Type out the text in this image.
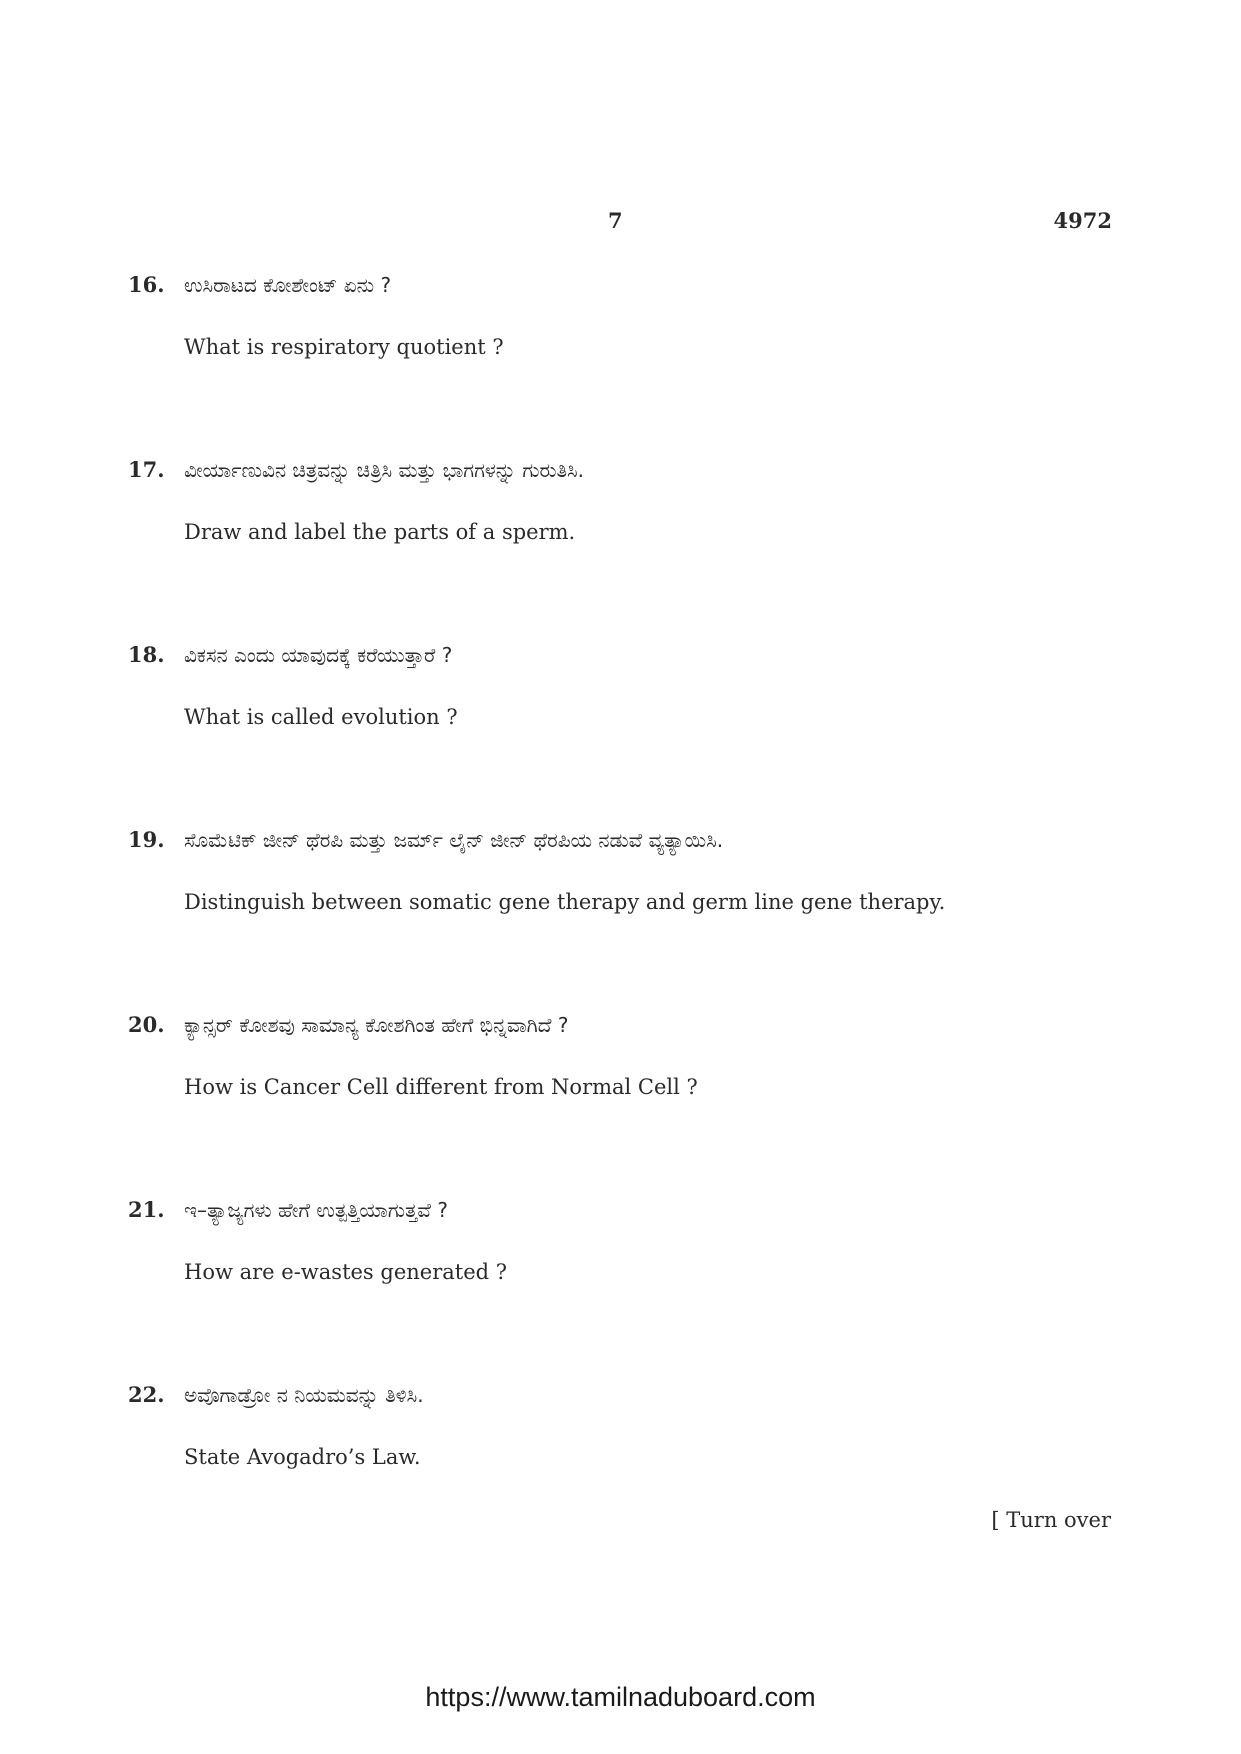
7	4972
16. ಉಸಿರಾಟದ ಕೋಶೇಂಟ್ ಏನು ?
What is respiratory quotient ?
17. ವೀರ್ಯಾಣುವಿನ ಚಿತ್ರವನ್ನು ಚಿತ್ರಿಸಿ ಮತ್ತು ಭಾಗಗಳನ್ನು ಗುರುತಿಸಿ.
Draw and label the parts of a sperm.
18. ವಿಕಸನ ಎಂದು ಯಾವುದಕ್ಕೆ ಕರೆಯುತ್ತಾರೆ ?
What is called evolution ?
19. ಸೊಮೆಟಿಕ್ ಜೀನ್ ಥೆರಪಿ ಮತ್ತು ಜರ್ಮ್ ಲೈನ್ ಜೀನ್ ಥೆರಪಿಯ ನಡುವೆ ವ್ಯತ್ಯಾಯಿಸಿ.
Distinguish between somatic gene therapy and germ line gene therapy.
20. ಕ್ಯಾನ್ಸರ್ ಕೋಶವು ಸಾಮಾನ್ಯ ಕೋಶಗಿಂತ ಹೇಗೆ ಭಿನ್ನವಾಗಿದೆ ?
How is Cancer Cell different from Normal Cell ?
21. ಇ–ತ್ಯಾಜ್ಯಗಳು ಹೇಗೆ ಉತ್ಪತ್ತಿಯಾಗುತ್ತವೆ ?
How are e-wastes generated ?
22. ಅವೊಗಾಡ್ರೋ ನ ನಿಯಮವನ್ನು ತಿಳಿಸಿ.
State Avogadro’s Law.
[ Turn over
https://www.tamilnaduboard.com
